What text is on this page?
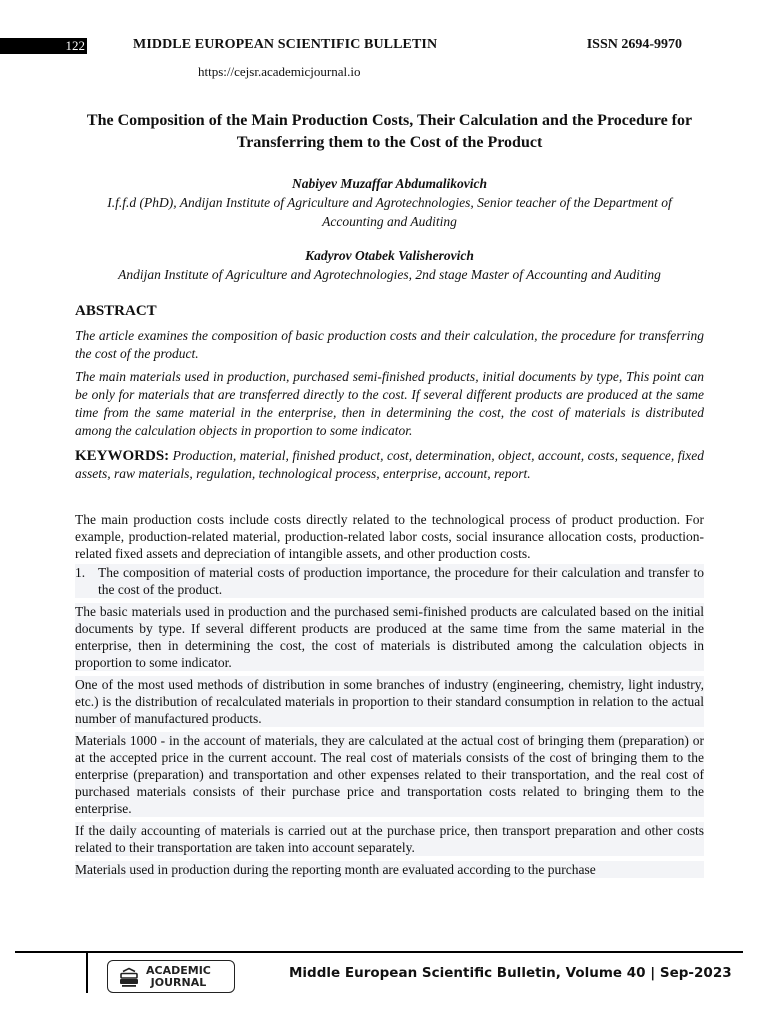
122	MIDDLE EUROPEAN SCIENTIFIC BULLETIN	ISSN 2694-9970
https://cejsr.academicjournal.io
The Composition of the Main Production Costs, Their Calculation and the Procedure for Transferring them to the Cost of the Product

Nabiyev Muzaffar Abdumalikovich

I.f.f.d (PhD), Andijan Institute of Agriculture and Agrotechnologies, Senior teacher of the Department of Accounting and Auditing

Kadyrov Otabek Valisherovich

Andijan Institute of Agriculture and Agrotechnologies, 2nd stage Master of Accounting and Auditing

ABSTRACT

The article examines the composition of basic production costs and their calculation, the procedure for transferring the cost of the product.

The main materials used in production, purchased semi-finished products, initial documents by type, This point can be only for materials that are transferred directly to the cost. If several different products are produced at the same time from the same material in the enterprise, then in determining the cost, the cost of materials is distributed among the calculation objects in proportion to some indicator.

KEYWORDS: Production, material, finished product, cost, determination, object, account, costs, sequence, fixed assets, raw materials, regulation, technological process, enterprise, account, report.

The main production costs include costs directly related to the technological process of product production. For example, production-related material, production-related labor costs, social insurance allocation costs, production-related fixed assets and depreciation of intangible assets, and other production costs.

1. The composition of material costs of production importance, the procedure for their calculation and transfer to the cost of the product.

The basic materials used in production and the purchased semi-finished products are calculated based on the initial documents by type. If several different products are produced at the same time from the same material in the enterprise, then in determining the cost, the cost of materials is distributed among the calculation objects in proportion to some indicator.

One of the most used methods of distribution in some branches of industry (engineering, chemistry, light industry, etc.) is the distribution of recalculated materials in proportion to their standard consumption in relation to the actual number of manufactured products.

Materials 1000 - in the account of materials, they are calculated at the actual cost of bringing them (preparation) or at the accepted price in the current account. The real cost of materials consists of the cost of bringing them to the enterprise (preparation) and transportation and other expenses related to their transportation, and the real cost of purchased materials consists of their purchase price and transportation costs related to bringing them to the enterprise.

If the daily accounting of materials is carried out at the purchase price, then transport preparation and other costs related to their transportation are taken into account separately.

Materials used in production during the reporting month are evaluated according to the purchase

ACADEMIC
JOURNAL
Middle European Scientific Bulletin, Volume 40 | Sep-2023
